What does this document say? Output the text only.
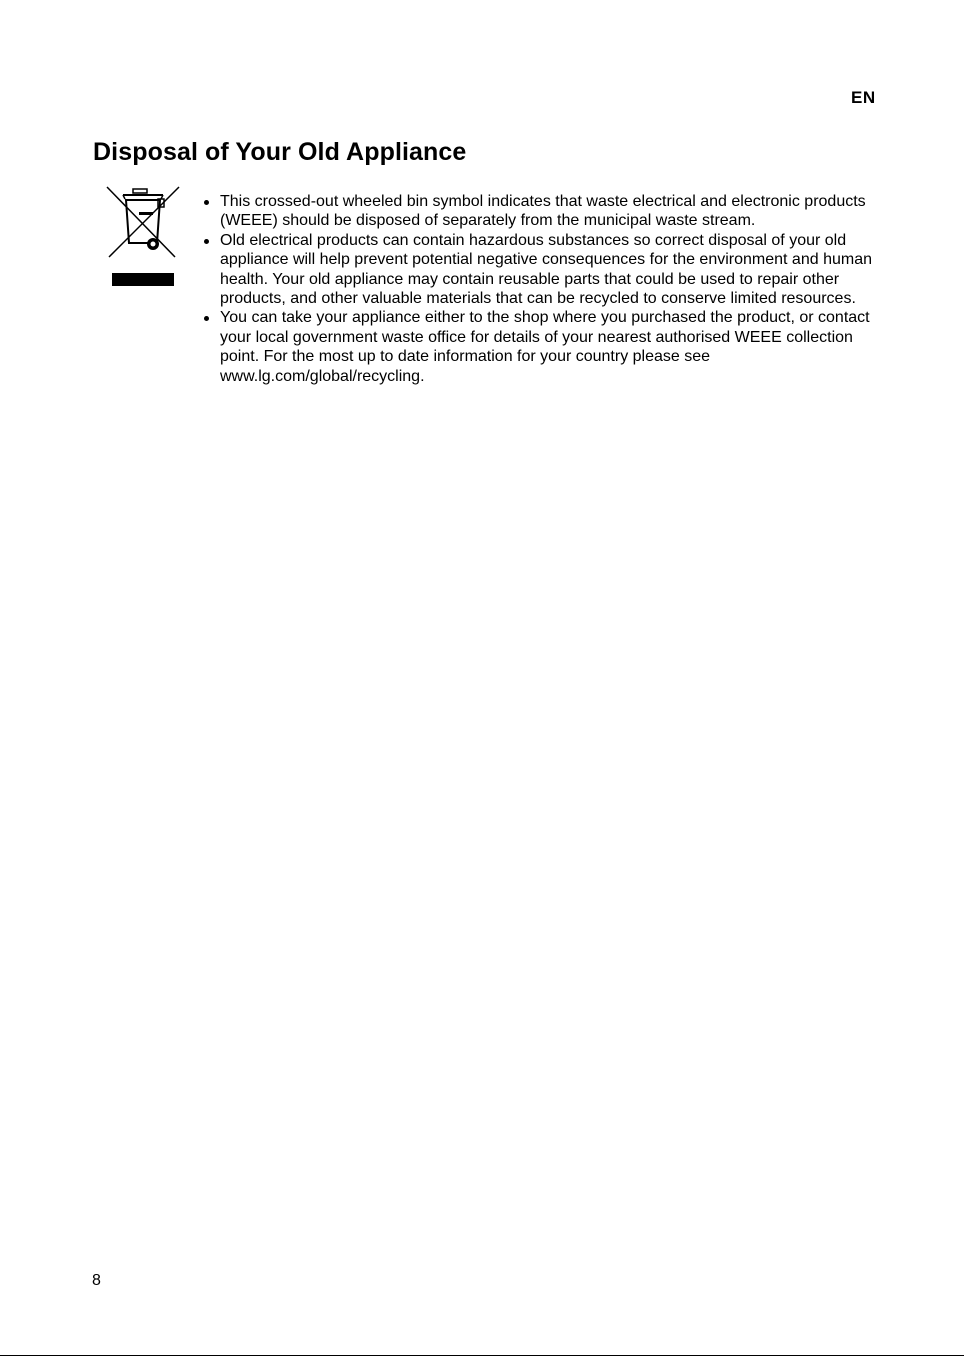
EN
Disposal of Your Old Appliance
This crossed-out wheeled bin symbol indicates that waste electrical and electronic products (WEEE) should be disposed of separately from the municipal waste stream.
Old electrical products can contain hazardous substances so correct disposal of your old appliance will help prevent potential negative consequences for the environment and human health. Your old appliance may contain reusable parts that could be used to repair other products, and other valuable materials that can be recycled to conserve limited resources.
You can take your appliance either to the shop where you purchased the product, or contact your local government waste office for details of your nearest authorised WEEE collection point. For the most up to date information for your country please see www.lg.com/global/recycling.
8
